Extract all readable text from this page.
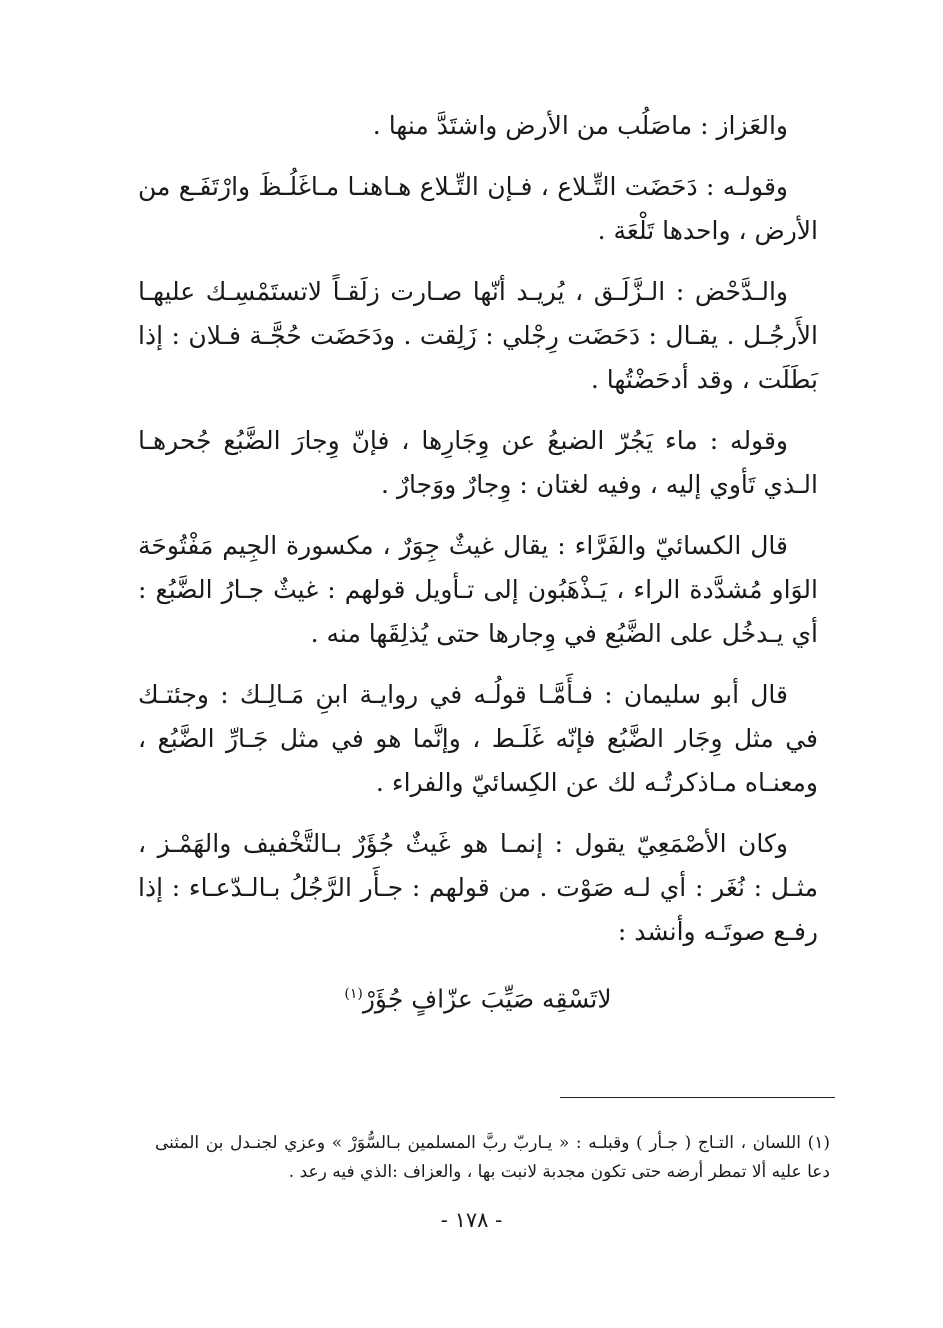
والعَزاز : ماصَلُب من الأرض واشتَدَّ منها .

وقولـه : دَحَضَت التِّـلاع ، فـإن التِّـلاع هـاهنـا مـاغَلُـظَ وارْتَفَـع من الأرض ، واحدها تَلْعَة .

والـدَّحْض : الـزَّلَـق ، يُريـد أنّها صـارت زلَقـاً لاتستَمْسِـك عليهـا الأَرجُـل . يقـال : دَحَضَت رِجْلي : زَلِقت . ودَحَضَت حُجَّـة فـلان : إذا بَطَلَت ، وقد أدحَضْتُها .

وقوله : ماء يَجُرّ الضبعُ عن وِجَارِها ، فإنّ وِجارَ الضَّبُع جُحرهـا الـذي تَأوي إليه ، وفيه لغتان : وِجارٌ ووَجارٌ .

قال الكسائيّ والفَرَّاء : يقال غيثٌ جِوَرٌ ، مكسورة الجِيم مَفْتُوحَة الوَاو مُشدَّدة الراء ، يَـذْهَبُون إلى تـأويل قولهم : غيثٌ جـارُ الضَّبُع : أي يـدخُل على الضَّبُع في وِجارها حتى يُذلِقَها منه .

قال أبو سليمان : فـأَمَّـا قولُـه في روايـة ابنِ مَـالِـك : وجئتـك في مثل وِجَار الضَّبُع فإنّه غَلَـط ، وإنَّما هو في مثل جَـارِّ الضَّبُع ، ومعنـاه مـاذكرتُـه لك عن الكِسائيّ والفراء .

وكان الأصْمَعِيّ يقول : إنمـا هو غَيثٌ جُؤَرٌ بـالتَّخْفيف والهَمْـز ، مثـل : نُغَر : أي لـه صَوْت . من قولهم : جـأَر الرَّجُلُ بـالـدّعـاء : إذا رفـع صوتَـه وأنشد :

لاتَسْقِه صَيِّبَ عزّافٍ جُؤَرْ$^{(١)}$

(١) اللسان ، التـاج ( جـأر ) وقبلـه : « يـاربّ ربَّ المسلمين بـالسُّوَرْ » وعزي لجنـدل بن المثنى دعا عليه ألا تمطر أرضه حتى تكون مجدبة لانبت بها ، والعزاف :الذي فيه رعد .

- ١٧٨ -
